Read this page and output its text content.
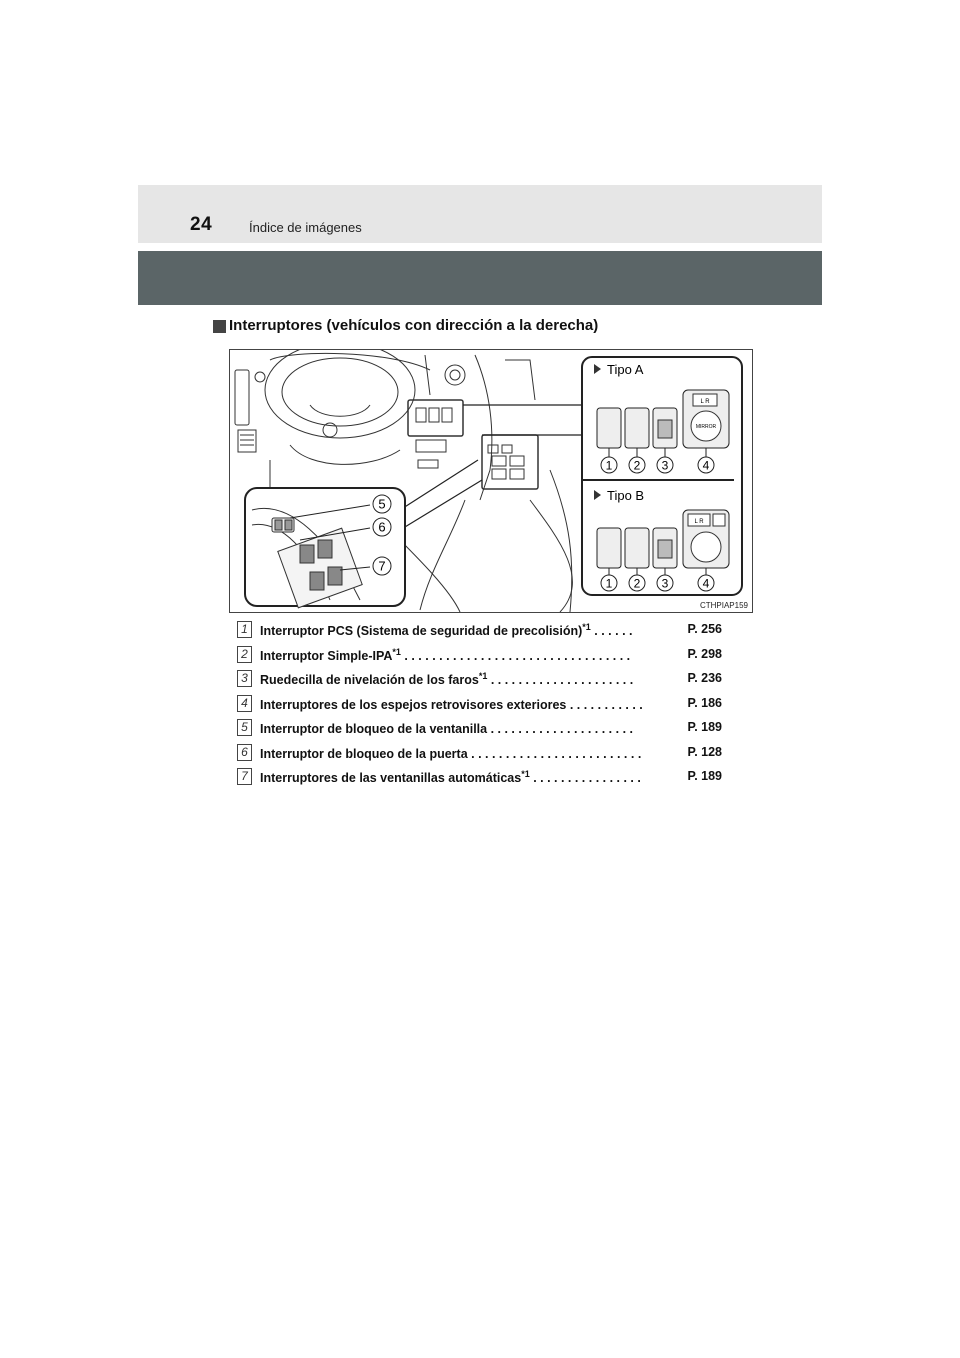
24	Índice de imágenes
Interruptores (vehículos con dirección a la derecha)
5
6
7
Tipo A
MIRROR
L R
1 2 3	4
Tipo B
L R
1 2 3	4
CTHPIAP159
1 Interruptor PCS (Sistema de seguridad de precolisión)$^{*1}$ . . . . . .	P. 256
2 Interruptor Simple-IPA$^{*1}$ . . . . . . . . . . . . . . . . . . . . . . . . . . . . . . . . .	P. 298
3 Ruedecilla de nivelación de los faros$^{*1}$ . . . . . . . . . . . . . . . . . . . . .	P. 236
4 Interruptores de los espejos retrovisores exteriores . . . . . . . . . . .	P. 186
5 Interruptor de bloqueo de la ventanilla . . . . . . . . . . . . . . . . . . . . .	P. 189
6 Interruptor de bloqueo de la puerta . . . . . . . . . . . . . . . . . . . . . . . . .	P. 128
7 Interruptores de las ventanillas automáticas$^{*1}$ . . . . . . . . . . . . . . . .	P. 189
